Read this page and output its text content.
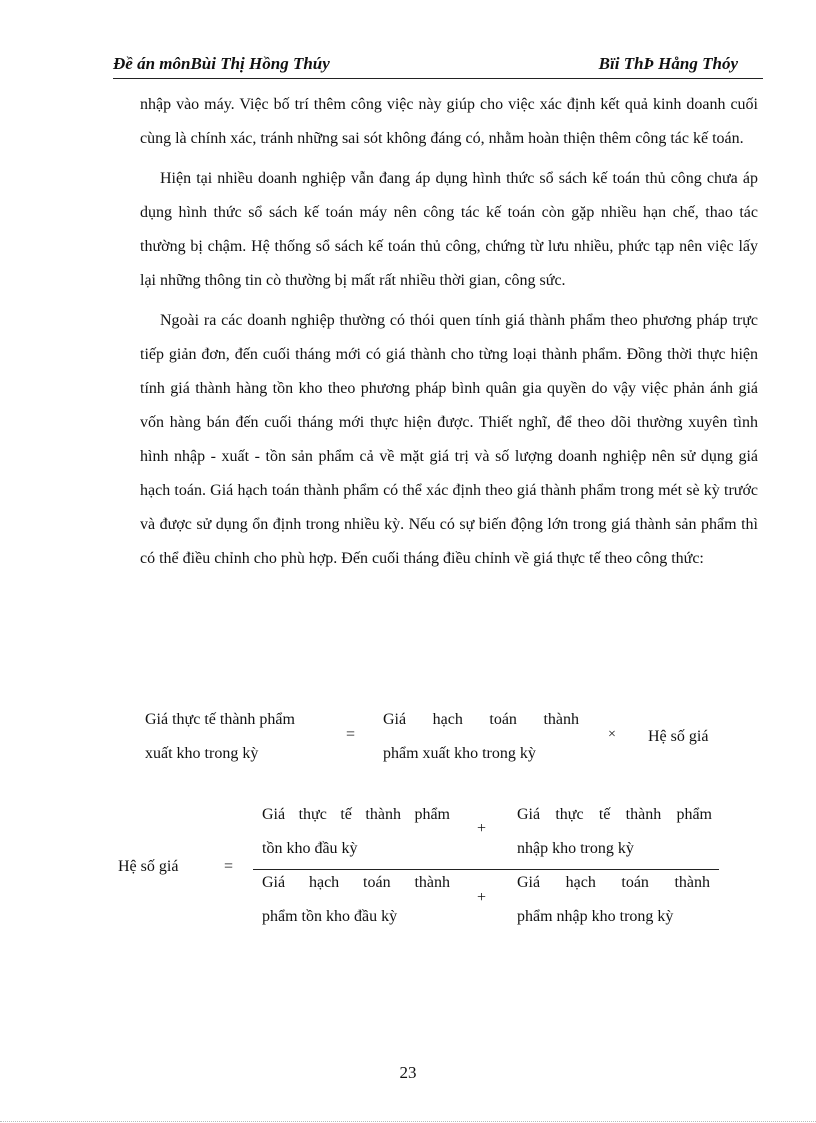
Đề án mônBùi Thị Hồng Thúy	Bïi ThÞ Hång Thóy

nhập vào máy. Việc bố trí thêm công việc này giúp cho việc xác định kết quả kinh doanh cuối cùng là chính xác, tránh những sai sót không đáng có, nhằm hoàn thiện thêm công tác kế toán.

Hiện tại nhiều doanh nghiệp vẫn đang áp dụng hình thức sổ sách kế toán thủ công chưa áp dụng hình thức sổ sách kế toán máy nên công tác kế toán còn gặp nhiều hạn chế, thao tác thường bị chậm. Hệ thống sổ sách kế toán thủ công, chứng từ lưu nhiều, phức tạp nên việc lấy lại những thông tin cò thường bị mất rất nhiều thời gian, công sức.

Ngoài ra các doanh nghiệp thường có thói quen tính giá thành phẩm theo phương pháp trực tiếp giản đơn, đến cuối tháng mới có giá thành cho từng loại thành phẩm. Đồng thời thực hiện tính giá thành hàng tồn kho theo phương pháp bình quân gia quyền do vậy việc phản ánh giá vốn hàng bán đến cuối tháng mới thực hiện được. Thiết nghĩ, để theo dõi thường xuyên tình hình nhập - xuất - tồn sản phẩm cả về mặt giá trị và số lượng doanh nghiệp nên sử dụng giá hạch toán. Giá hạch toán thành phẩm có thể xác định theo giá thành phẩm trong mét sè kỳ trước và được sử dụng ổn định trong nhiều kỳ. Nếu có sự biến động lớn trong giá thành sản phẩm thì có thể điều chỉnh cho phù hợp. Đến cuối tháng điều chỉnh về giá thực tế theo công thức:

Giá thực tế thành phẩm
xuất kho trong kỳ
=
Giá hạch toán thành
phẩm xuất kho trong kỳ
× Hệ số giá
Hệ số giá	=
Giá thực tế thành phẩm
tồn kho đầu kỳ
+
Giá thực tế thành phẩm
nhập kho trong kỳ
Giá hạch toán thành
phẩm tồn kho đầu kỳ
+
Giá hạch toán thành
phẩm nhập kho trong kỳ
23
